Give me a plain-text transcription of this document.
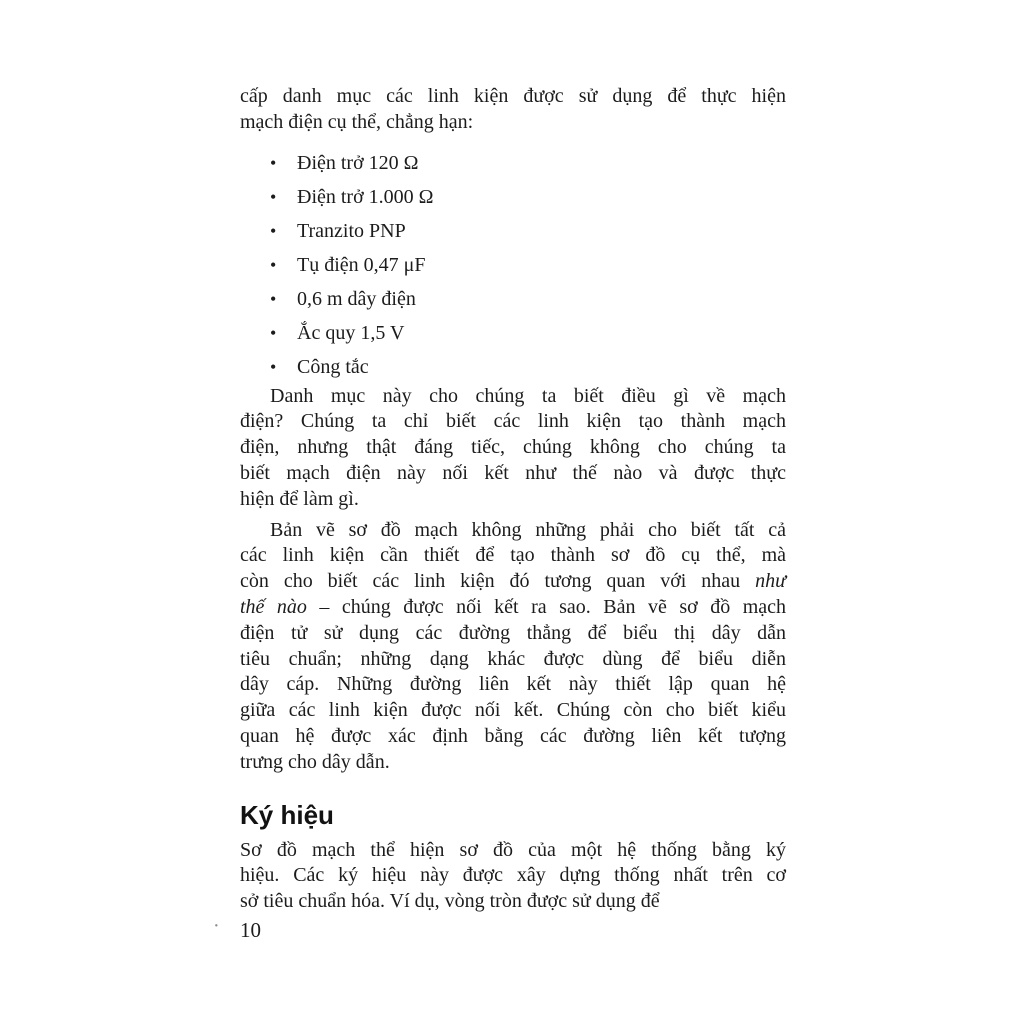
cấp danh mục các linh kiện được sử dụng để thực hiện
mạch điện cụ thể, chẳng hạn:
• Điện trở 120 Ω
• Điện trở 1.000 Ω
• Tranzito PNP
• Tụ điện 0,47 μF
• 0,6 m dây điện
• Ắc quy 1,5 V
• Công tắc
Danh mục này cho chúng ta biết điều gì về mạch
điện? Chúng ta chỉ biết các linh kiện tạo thành mạch
điện, nhưng thật đáng tiếc, chúng không cho chúng ta
biết mạch điện này nối kết như thế nào và được thực
hiện để làm gì.
Bản vẽ sơ đồ mạch không những phải cho biết tất cả
các linh kiện cần thiết để tạo thành sơ đồ cụ thể, mà
còn cho biết các linh kiện đó tương quan với nhau như
thế nào – chúng được nối kết ra sao. Bản vẽ sơ đồ mạch
điện tử sử dụng các đường thẳng để biểu thị dây dẫn
tiêu chuẩn; những dạng khác được dùng để biểu diễn
dây cáp. Những đường liên kết này thiết lập quan hệ
giữa các linh kiện được nối kết. Chúng còn cho biết kiểu
quan hệ được xác định bằng các đường liên kết tượng
trưng cho dây dẫn.
Ký hiệu
Sơ đồ mạch thể hiện sơ đồ của một hệ thống bằng ký
hiệu. Các ký hiệu này được xây dựng thống nhất trên cơ
sở tiêu chuẩn hóa. Ví dụ, vòng tròn được sử dụng để
· 10
